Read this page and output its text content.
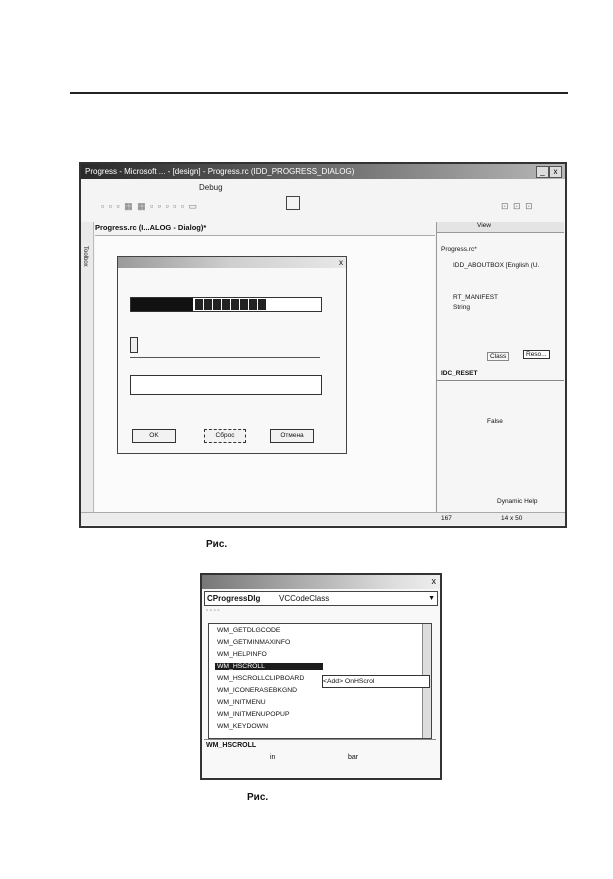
Progress - Microsoft ... - [design] - Progress.rc (IDD_PROGRESS_DIALOG)	_	x
Debug
▫ ▫ ▫ ▦ ▦ ▫ ▫ ▫ ▫ ▫ ▭	⊡ ⊡ ⊡
Toolbox
Progress.rc (I...ALOG - Dialog)*
x
OK	Сброс	Отмена
View
Progress.rc*
IDD_ABOUTBOX [English (U.
RT_MANIFEST
String
Class	Reso...
IDC_RESET
False
Dynamic Help
167	14 x 50
Рис.
x
CProgressDlg VCCodeClass	▼
▫ ▫ ▫ ▫
WM_GETDLGCODE
WM_GETMINMAXINFO
WM_HELPINFO
WM_HSCROLL
WM_HSCROLLCLIPBOARD
WM_ICONERASEBKGND
WM_INITMENU
WM_INITMENUPOPUP
WM_KEYDOWN
<Add> OnHScrol
WM_HSCROLL
in	bar
Рис.
